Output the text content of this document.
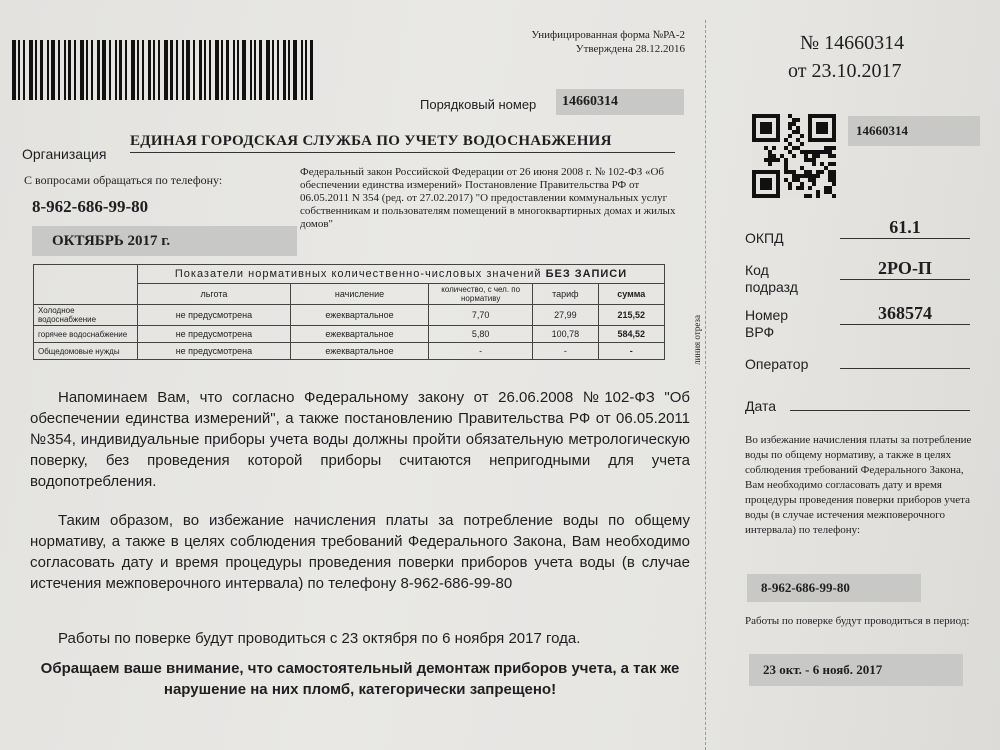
Унифицированная форма №РА-2
Утверждена 28.12.2016
Порядковый номер	14660314
Организация
ЕДИНАЯ ГОРОДСКАЯ СЛУЖБА ПО УЧЕТУ ВОДОСНАБЖЕНИЯ
С вопросами обращаться по телефону:
8-962-686-99-80
Федеральный закон Российской Федерации от 26 июня 2008 г. № 102-ФЗ «Об обеспечении единства измерений» Постановление Правительства РФ от 06.05.2011 N 354 (ред. от 27.02.2017) "О предоставлении коммунальных услуг собственникам и пользователям помещений в многоквартирных домах и жилых домов"
ОКТЯБРЬ 2017 г.
	Показатели нормативных количественно-числовых значений БЕЗ ЗАПИСИ				
	льгота	начисление	количество, с чел. по нормативу	тариф	сумма
Холодное водоснабжение	не предусмотрена	ежеквартальное	7,70	27,99	215,52
горячее водоснабжение	не предусмотрена	ежеквартальное	5,80	100,78	584,52
Общедомовые нужды	не предусмотрена	ежеквартальное	-	-	-
Напоминаем Вам, что согласно Федеральному закону от 26.06.2008 №102-ФЗ "Об обеспечении единства измерений", а также постановлению Правительства РФ от 06.05.2011 №354, индивидуальные приборы учета воды должны пройти обязательную метрологическую поверку, без проведения которой приборы считаются непригодными для учета водопотребления.
Таким образом, во избежание начисления платы за потребление воды по общему нормативу, а также в целях соблюдения требований Федерального Закона, Вам необходимо согласовать дату и время процедуры проведения поверки приборов учета воды (в случае истечения межповерочного интервала) по телефону 8-962-686-99-80
Работы по поверке будут проводиться с 23 октября по 6 ноября 2017 года.
Обращаем ваше внимание, что самостоятельный демонтаж приборов учета, а так же нарушение на них пломб, категорически запрещено!
линия отреза
№ 14660314
от 23.10.2017
14660314
ОКПД
61.1
Код подразд
2РО-П
Номер ВРФ
368574
Оператор
Дата
Во избежание начисления платы за потребление воды по общему нормативу, а также в целях соблюдения требований Федерального Закона, Вам необходимо согласовать дату и время процедуры проведения поверки приборов учета воды (в случае истечения межповерочного интервала) по телефону:
8-962-686-99-80
Работы по поверке будут проводиться в период:
23 окт. - 6 нояб. 2017
